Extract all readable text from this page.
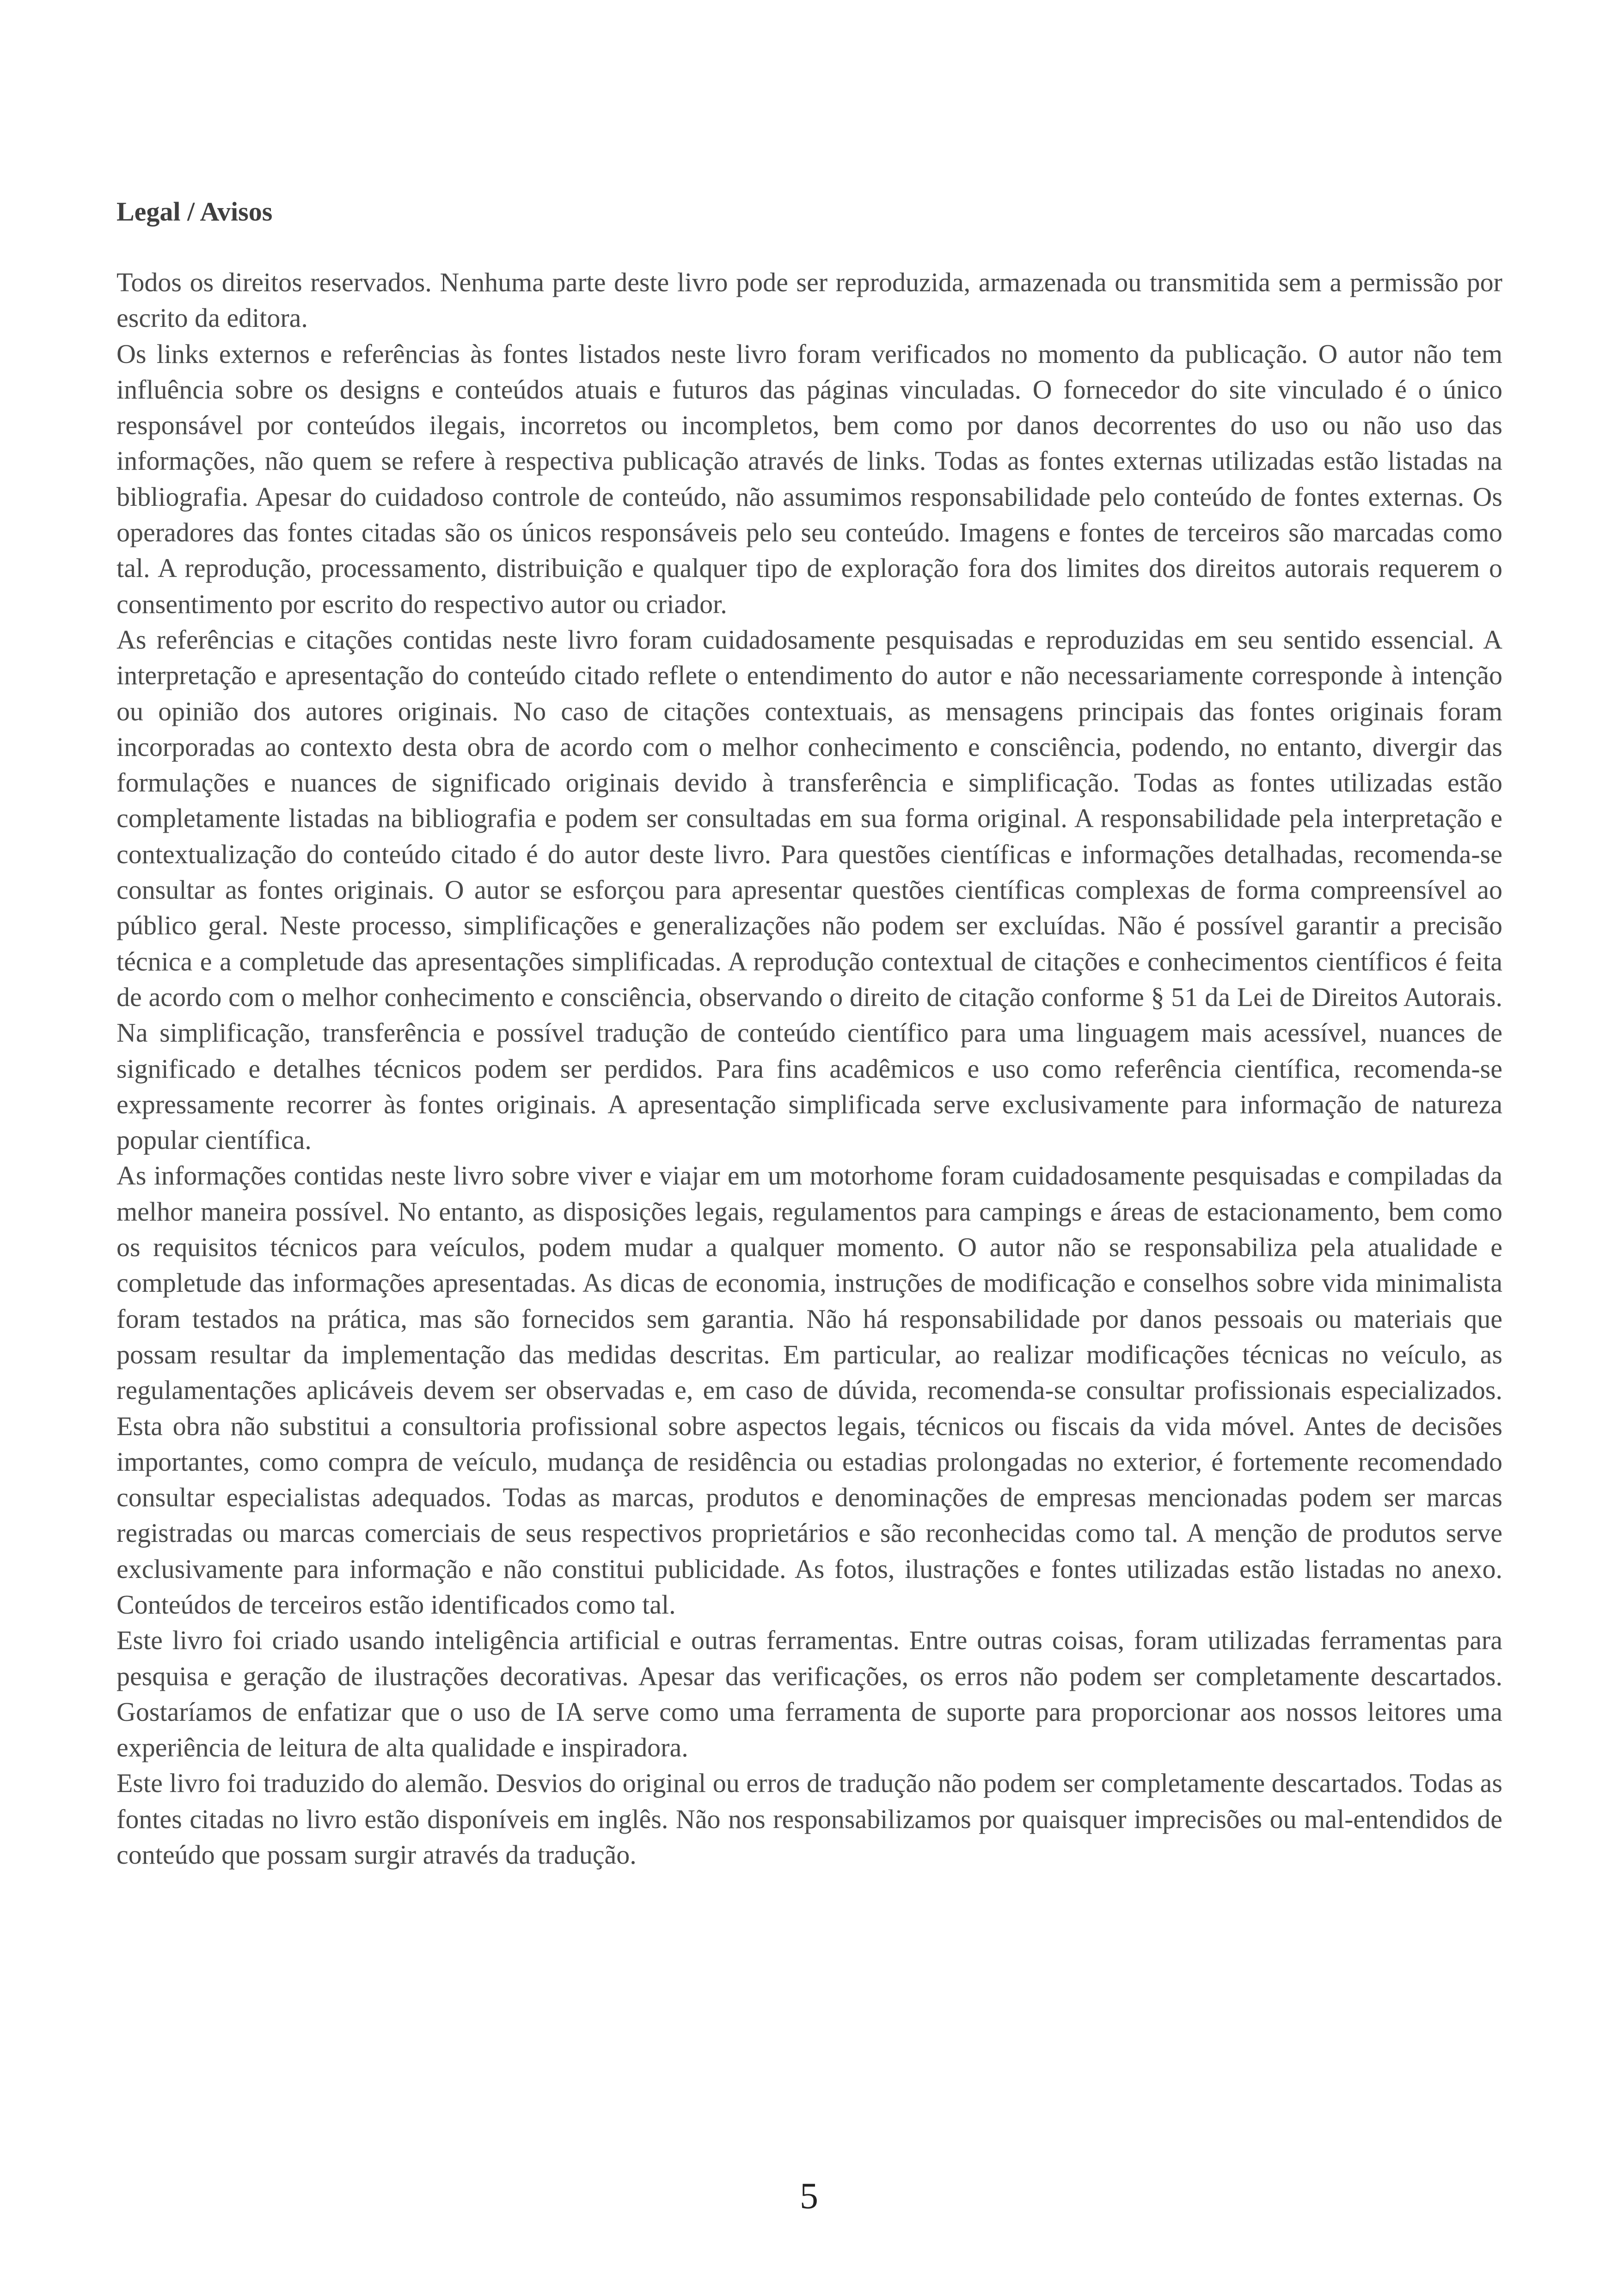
Legal / Avisos

Todos os direitos reservados. Nenhuma parte deste livro pode ser reproduzida, armazenada ou transmitida sem a permissão por escrito da editora.

Os links externos e referências às fontes listados neste livro foram verificados no momento da publicação. O autor não tem influência sobre os designs e conteúdos atuais e futuros das páginas vinculadas. O fornecedor do site vinculado é o único responsável por conteúdos ilegais, incorretos ou incompletos, bem como por danos decorrentes do uso ou não uso das informações, não quem se refere à respectiva publicação através de links. Todas as fontes externas utilizadas estão listadas na bibliografia. Apesar do cuidadoso controle de conteúdo, não assumimos responsabilidade pelo conteúdo de fontes externas. Os operadores das fontes citadas são os únicos responsáveis pelo seu conteúdo. Imagens e fontes de terceiros são marcadas como tal. A reprodução, processamento, distribuição e qualquer tipo de exploração fora dos limites dos direitos autorais requerem o consentimento por escrito do respectivo autor ou criador.

As referências e citações contidas neste livro foram cuidadosamente pesquisadas e reproduzidas em seu sentido essencial. A interpretação e apresentação do conteúdo citado reflete o entendimento do autor e não necessariamente corresponde à intenção ou opinião dos autores originais. No caso de citações contextuais, as mensagens principais das fontes originais foram incorporadas ao contexto desta obra de acordo com o melhor conhecimento e consciência, podendo, no entanto, divergir das formulações e nuances de significado originais devido à transferência e simplificação. Todas as fontes utilizadas estão completamente listadas na bibliografia e podem ser consultadas em sua forma original. A responsabilidade pela interpretação e contextualização do conteúdo citado é do autor deste livro. Para questões científicas e informações detalhadas, recomenda-se consultar as fontes originais. O autor se esforçou para apresentar questões científicas complexas de forma compreensível ao público geral. Neste processo, simplificações e generalizações não podem ser excluídas. Não é possível garantir a precisão técnica e a completude das apresentações simplificadas. A reprodução contextual de citações e conhecimentos científicos é feita de acordo com o melhor conhecimento e consciência, observando o direito de citação conforme § 51 da Lei de Direitos Autorais. Na simplificação, transferência e possível tradução de conteúdo científico para uma linguagem mais acessível, nuances de significado e detalhes técnicos podem ser perdidos. Para fins acadêmicos e uso como referência científica, recomenda-se expressamente recorrer às fontes originais. A apresentação simplificada serve exclusivamente para informação de natureza popular científica.

As informações contidas neste livro sobre viver e viajar em um motorhome foram cuidadosamente pesquisadas e compiladas da melhor maneira possível. No entanto, as disposições legais, regulamentos para campings e áreas de estacionamento, bem como os requisitos técnicos para veículos, podem mudar a qualquer momento. O autor não se responsabiliza pela atualidade e completude das informações apresentadas. As dicas de economia, instruções de modificação e conselhos sobre vida minimalista foram testados na prática, mas são fornecidos sem garantia. Não há responsabilidade por danos pessoais ou materiais que possam resultar da implementação das medidas descritas. Em particular, ao realizar modificações técnicas no veículo, as regulamentações aplicáveis devem ser observadas e, em caso de dúvida, recomenda-se consultar profissionais especializados. Esta obra não substitui a consultoria profissional sobre aspectos legais, técnicos ou fiscais da vida móvel. Antes de decisões importantes, como compra de veículo, mudança de residência ou estadias prolongadas no exterior, é fortemente recomendado consultar especialistas adequados. Todas as marcas, produtos e denominações de empresas mencionadas podem ser marcas registradas ou marcas comerciais de seus respectivos proprietários e são reconhecidas como tal. A menção de produtos serve exclusivamente para informação e não constitui publicidade. As fotos, ilustrações e fontes utilizadas estão listadas no anexo. Conteúdos de terceiros estão identificados como tal.

Este livro foi criado usando inteligência artificial e outras ferramentas. Entre outras coisas, foram utilizadas ferramentas para pesquisa e geração de ilustrações decorativas. Apesar das verificações, os erros não podem ser completamente descartados. Gostaríamos de enfatizar que o uso de IA serve como uma ferramenta de suporte para proporcionar aos nossos leitores uma experiência de leitura de alta qualidade e inspiradora.

Este livro foi traduzido do alemão. Desvios do original ou erros de tradução não podem ser completamente descartados. Todas as fontes citadas no livro estão disponíveis em inglês. Não nos responsabilizamos por quaisquer imprecisões ou mal-entendidos de conteúdo que possam surgir através da tradução.

5
